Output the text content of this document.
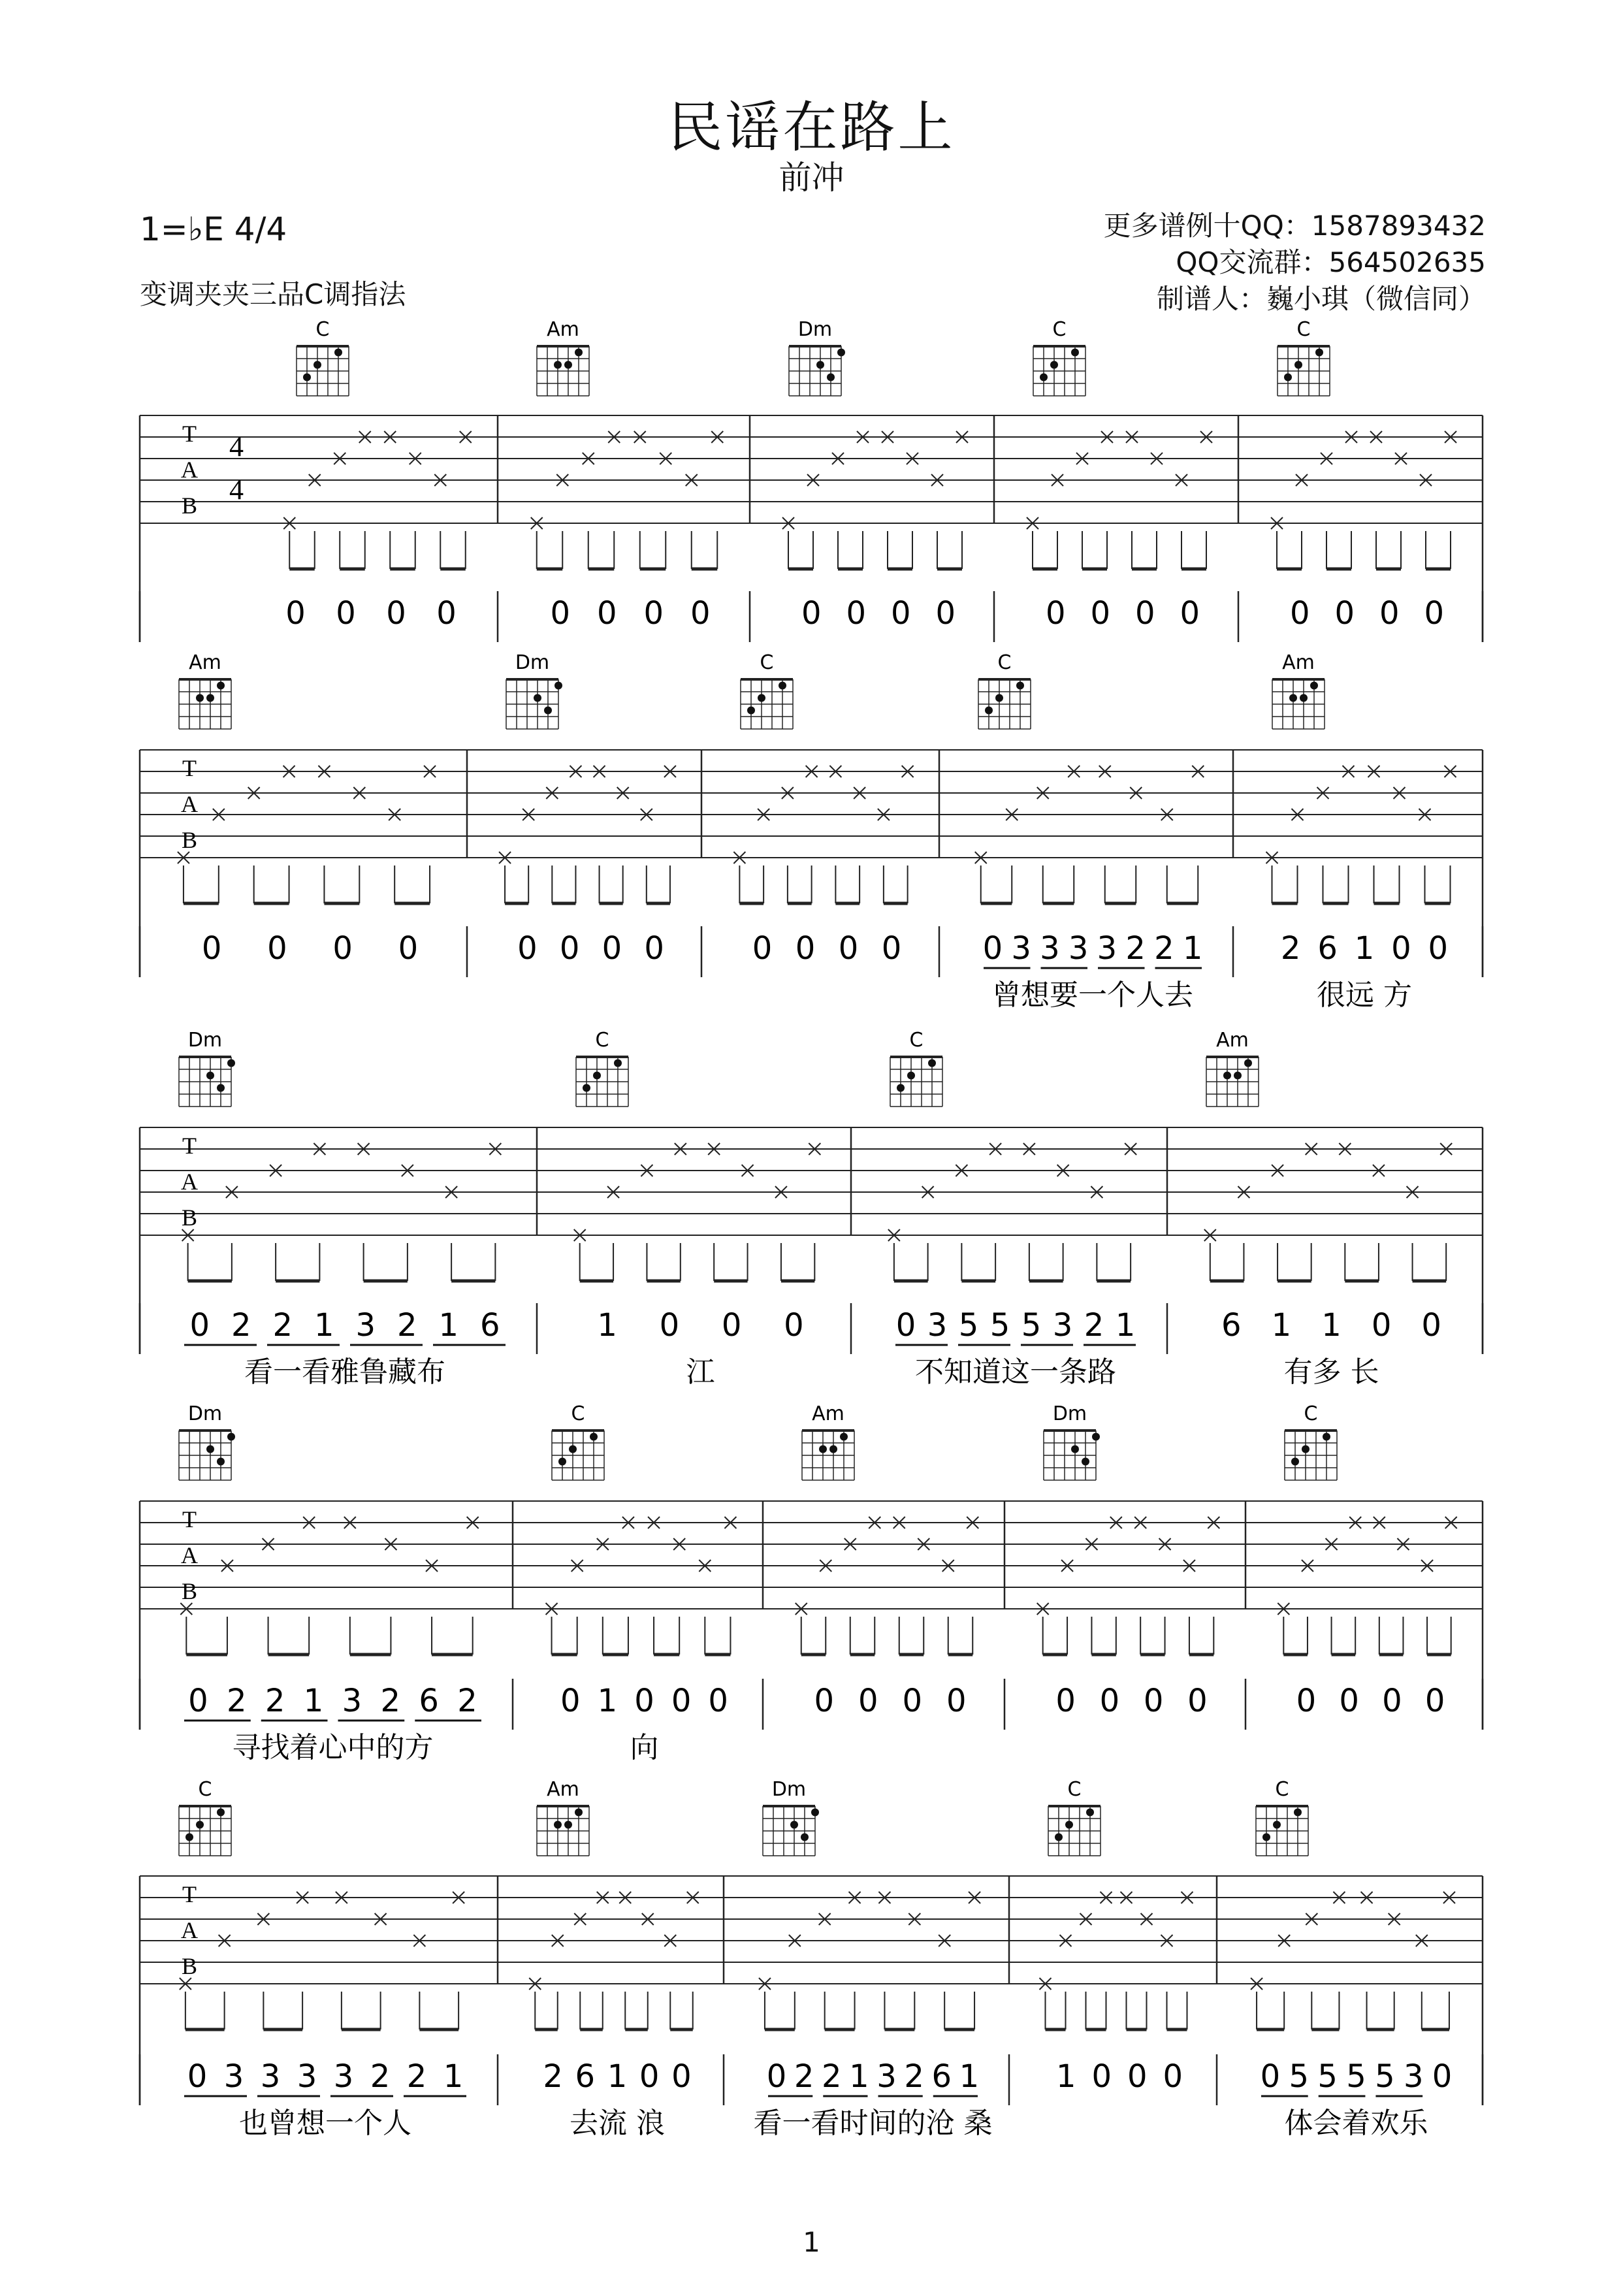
民谣在路上
前冲
1=♭E 4/4
变调夹夹三品C调指法
更多谱例十QQ：1587893432
QQ交流群：564502635
制谱人：巍小琪（微信同）
T
A
B
4
4
C
0 0 0 0
Am
0 0 0 0
Dm
0 0 0 0
C
0 0 0 0
C
0 0 0 0
T
A
B
Am
0 0 0 0
Dm
0 0 0 0
C
0 0 0 0
C
0 3 3 3 3 2 2 1
曾想要一个人去
Am
2 6 1 0 0
很远 方
T
A
B
Dm
0 2 2 1 3 2 1 6
看一看雅鲁藏布
C
1 0 0 0
江
C
0 3 5 5 5 3 2 1
不知道这一条路
Am
6 1 1 0 0
有多 长
T
A
B
Dm
0 2 2 1 3 2 6 2
寻找着心中的方
C
0 1 0 0 0
向
Am
0 0 0 0
Dm
0 0 0 0
C
0 0 0 0
T
A
B
C
0 3 3 3 3 2 2 1
也曾想一个人
Am
2 6 1 0 0
去流 浪
Dm
0 2 2 1 3 2 6 1
看一看时间的沧 桑
C
1 0 0 0
C
0 5 5 5 5 3 0
体会着欢乐
1
